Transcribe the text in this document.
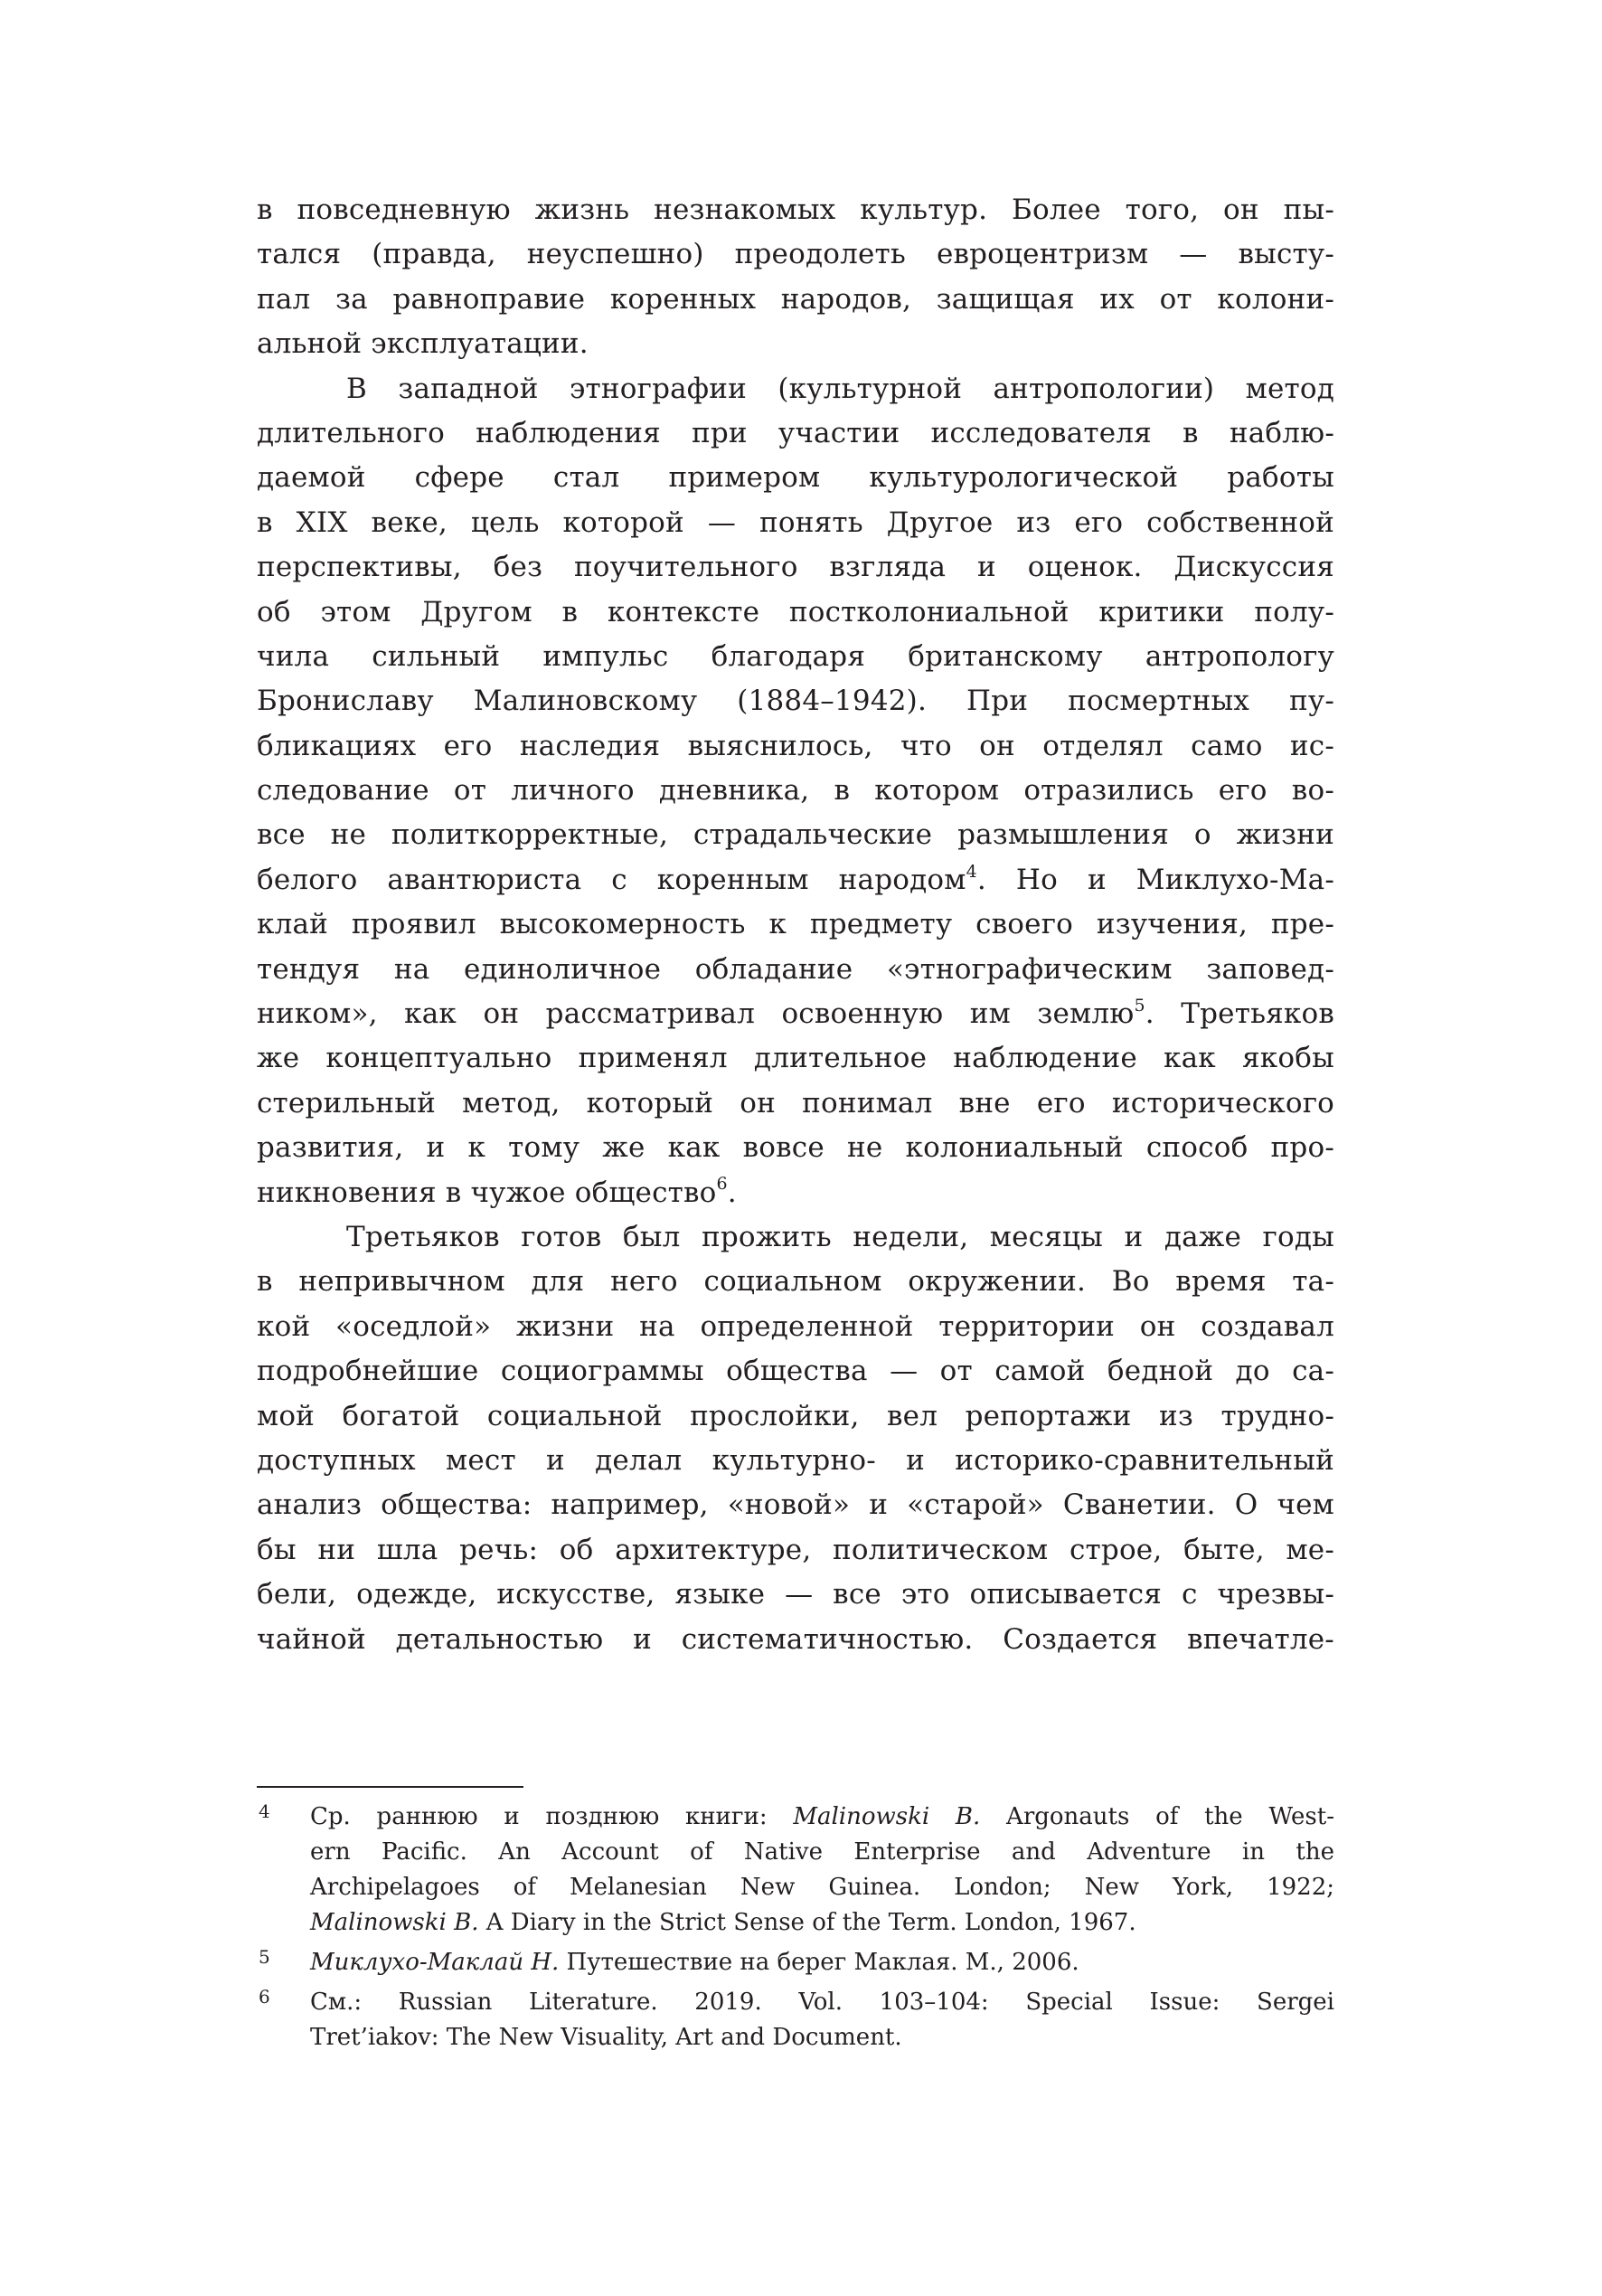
в повседневную жизнь незнакомых культур. Более того, он пы-
тался (правда, неуспешно) преодолеть евроцентризм — высту-
пал за равноправие коренных народов, защищая их от колони-
альной эксплуатации.
В западной этнографии (культурной антропологии) метод
длительного наблюдения при участии исследователя в наблю-
даемой сфере стал примером культурологической работы
в XIX веке, цель которой — понять Другое из его собственной
перспективы, без поучительного взгляда и оценок. Дискуссия
об этом Другом в контексте постколониальной критики полу-
чила сильный импульс благодаря британскому антропологу
Брониславу Малиновскому (1884–1942). При посмертных пу-
бликациях его наследия выяснилось, что он отделял само ис-
следование от личного дневника, в котором отразились его во-
все не политкорректные, страдальческие размышления о жизни
белого авантюриста с коренным народом$^4$. Но и Миклухо-Ма-
клай проявил высокомерность к предмету своего изучения, пре-
тендуя на единоличное обладание «этнографическим заповед-
ником», как он рассматривал освоенную им землю$^5$. Третьяков
же концептуально применял длительное наблюдение как якобы
стерильный метод, который он понимал вне его исторического
развития, и к тому же как вовсе не колониальный способ про-
никновения в чужое общество$^6$.
Третьяков готов был прожить недели, месяцы и даже годы
в непривычном для него социальном окружении. Во время та-
кой «оседлой» жизни на определенной территории он создавал
подробнейшие социограммы общества — от самой бедной до са-
мой богатой социальной прослойки, вел репортажи из трудно-
доступных мест и делал культурно- и историко-сравнительный
анализ общества: например, «новой» и «старой» Сванетии. О чем
бы ни шла речь: об архитектуре, политическом строе, быте, ме-
бели, одежде, искусстве, языке — все это описывается с чрезвы-
чайной детальностью и систематичностью. Создается впечатле-
4 Ср. раннюю и позднюю книги: Malinowski B. Argonauts of the West-
ern Pacific. An Account of Native Enterprise and Adventure in the
Archipelagoes of Melanesian New Guinea. London; New York, 1922;
Malinowski B. A Diary in the Strict Sense of the Term. London, 1967.
5 Миклухо-Маклай Н. Путешествие на берег Маклая. М., 2006.
6 См.: Russian Literature. 2019. Vol. 103–104: Special Issue: Sergei
Tret’iakov: The New Visuality, Art and Document.
